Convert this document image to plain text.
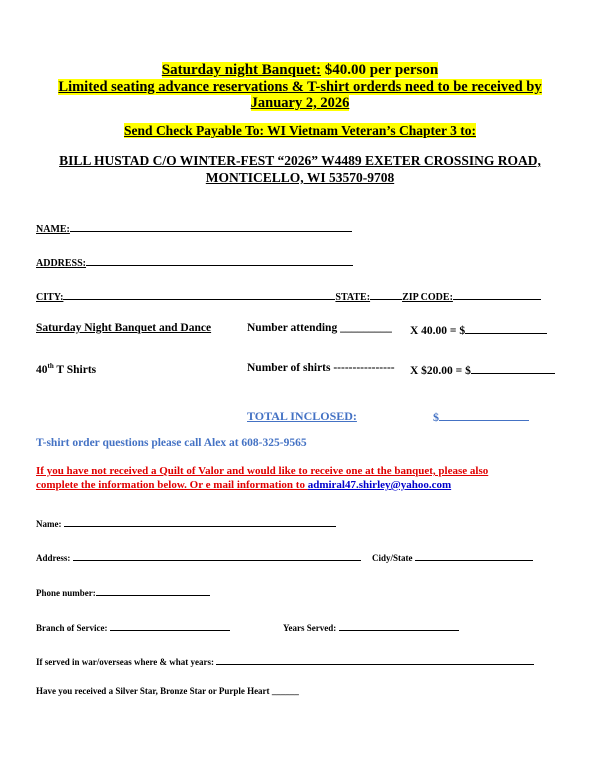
Saturday night Banquet: $40.00 per person
Limited seating advance reservations & T-shirt orderds need to be received by
January 2, 2026
Send Check Payable To: WI Vietnam Veteran’s Chapter 3 to:
BILL HUSTAD C/O WINTER-FEST “2026” W4489 EXETER CROSSING ROAD,
MONTICELLO, WI 53570-9708
NAME:
ADDRESS:
CITY:	STATE:	ZIP CODE:
Saturday Night Banquet and Dance	Number attending _________ X 40.00 = $
40th T Shirts	Number of shirts ---------------- X $20.00 = $
TOTAL INCLOSED:	$
T-shirt order questions please call Alex at 608-325-9565
If you have not received a Quilt of Valor and would like to receive one at the banquet, please also
complete the information below. Or e mail information to admiral47.shirley@yahoo.com
Name:
Address:	Cidy/State
Phone number:
Branch of Service:	Years Served:
If served in war/overseas where & what years:
Have you received a Silver Star, Bronze Star or Purple Heart ______
